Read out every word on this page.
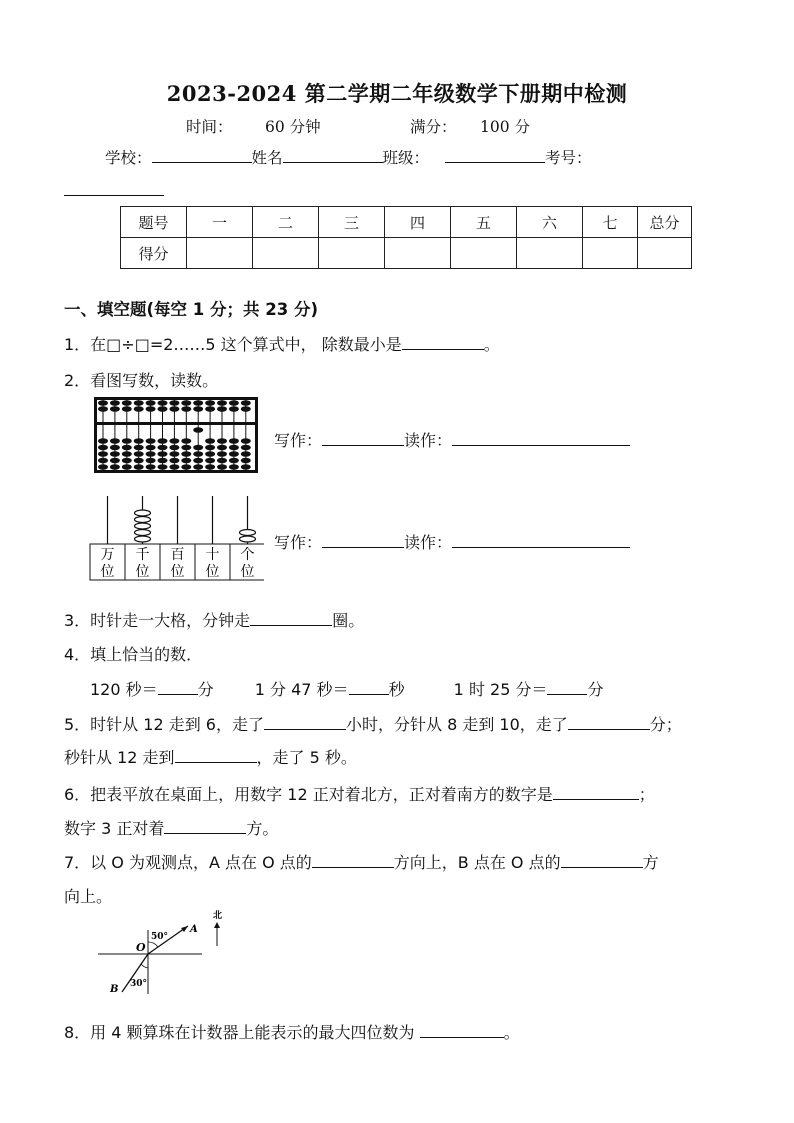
2023-2024 第二学期二年级数学下册期中检测
时间： 60 分钟	满分： 100 分
学校：	姓名	班级：	考号：
题号	一	二	三	四	五	六	七	总分
得分								
一、填空题(每空 1 分；共 23 分)
1．在□÷□=2……5 这个算式中， 除数最小是	。
2．看图写数，读数。
写作：	读作：
万
位
千
位
百
位
十
位
个
位
写作：	读作：
3．时针走一大格，分钟走	圈。
4．填上恰当的数．
120 秒＝	分	1 分 47 秒＝	秒	1 时 25 分＝	分
5．时针从 12 走到 6，走了	小时，分针从 8 走到 10，走了	分；
秒针从 12 走到	，走了 5 秒。
6．把表平放在桌面上，用数字 12 正对着北方，正对着南方的数字是	；
数字 3 正对着	方。
7．以 O 为观测点，A 点在 O 点的	方向上，B 点在 O 点的	方
向上。
O
50°
A
30°
B
北
8．用 4 颗算珠在计数器上能表示的最大四位数为	。
